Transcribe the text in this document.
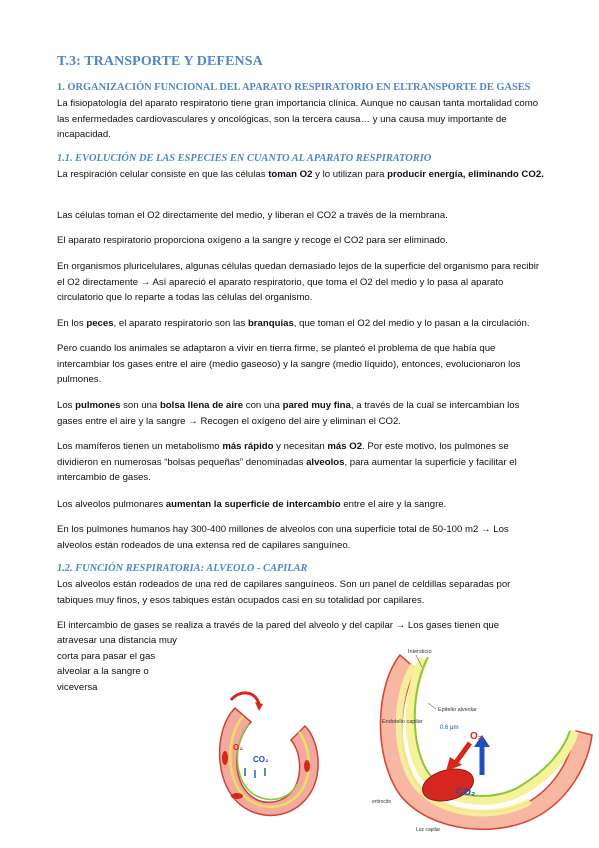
T.3: TRANSPORTE Y DEFENSA
1. ORGANIZACIÓN FUNCIONAL DEL APARATO RESPIRATORIO EN ELTRANSPORTE DE GASES

La fisiopatología del aparato respiratorio tiene gran importancia clínica. Aunque no causan tanta mortalidad como las enfermedades cardiovasculares y oncológicas, son la tercera causa… y una causa muy importante de incapacidad.

1.1. EVOLUCIÓN DE LAS ESPECIES EN CUANTO AL APARATO RESPIRATORIO

La respiración celular consiste en que las células toman O2 y lo utilizan para producir energía, eliminando CO2.

Las células toman el O2 directamente del medio, y liberan el CO2 a través de la membrana.

El aparato respiratorio proporciona oxígeno a la sangre y recoge el CO2 para ser eliminado.

En organismos pluricelulares, algunas células quedan demasiado lejos de la superficie del organismo para recibir el O2 directamente → Así apareció el aparato respiratorio, que toma el O2 del medio y lo pasa al aparato circulatorio que lo reparte a todas las células del organismo.

En los peces, el aparato respiratorio son las branquias, que toman el O2 del medio y lo pasan a la circulación.

Pero cuando los animales se adaptaron a vivir en tierra firme, se planteó el problema de que había que intercambiar los gases entre el aire (medio gaseoso) y la sangre (medio líquido), entonces, evolucionaron los pulmones.

Los pulmones son una bolsa llena de aire con una pared muy fina, a través de la cual se intercambian los gases entre el aire y la sangre → Recogen el oxígeno del aire y eliminan el CO2.

Los mamíferos tienen un metabolismo más rápido y necesitan más O2. Por este motivo, los pulmones se dividieron en numerosas “bolsas pequeñas” denominadas alveolos, para aumentar la superficie y facilitar el intercambio de gases.

Los alveolos pulmonares aumentan la superficie de intercambio entre el aire y la sangre.

En los pulmones humanos hay 300-400 millones de alveolos con una superficie total de 50-100 m2 → Los alveolos están rodeados de una extensa red de capilares sanguíneo.

1.2. FUNCIÓN RESPIRATORIA: ALVEOLO - CAPILAR

Los alveolos están rodeados de una red de capilares sanguíneos. Son un panel de celdillas separadas por tabiques muy finos, y esos tabiques están ocupados casi en su totalidad por capilares.

El intercambio de gases se realiza a través de la pared del alveolo y del capilar → Los gases tienen que

atravesar una distancia muy corta para pasar el gas alveolar a la sangre o viceversa

O₂
CO₂
O₂
CO₂
Intersticio
Endotelio capilar
Epitelio alveolar
0.6 μm
eritrocito
Luz capilar
